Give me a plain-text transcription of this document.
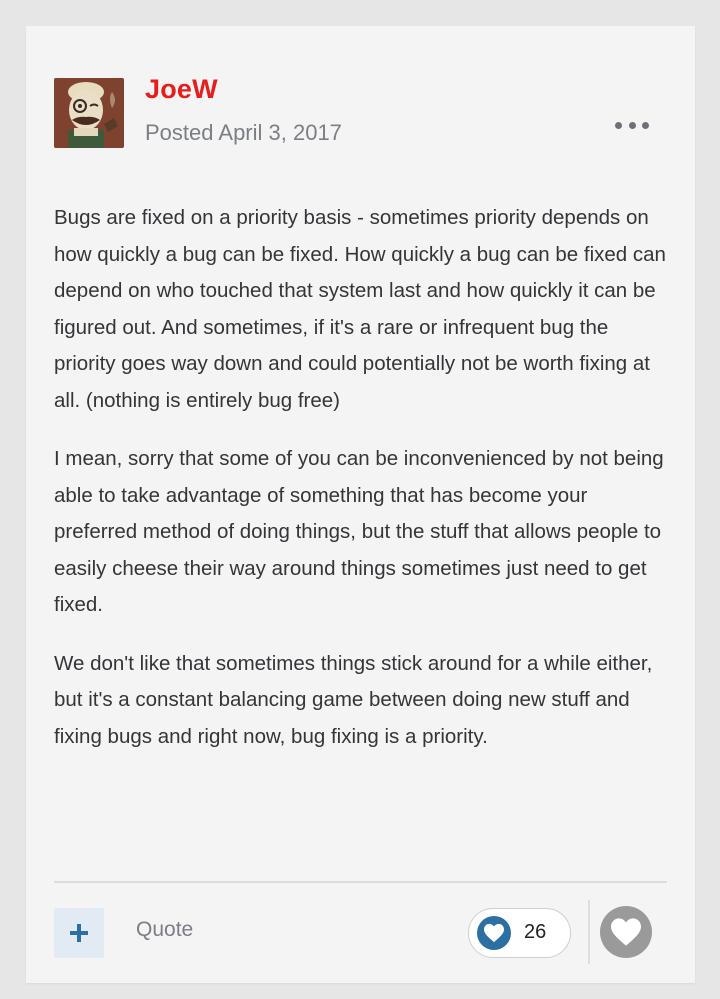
JoeW
Posted April 3, 2017

Bugs are fixed on a priority basis - sometimes priority depends on how quickly a bug can be fixed. How quickly a bug can be fixed can depend on who touched that system last and how quickly it can be figured out. And sometimes, if it's a rare or infrequent bug the priority goes way down and could potentially not be worth fixing at all. (nothing is entirely bug free)

I mean, sorry that some of you can be inconvenienced by not being able to take advantage of something that has become your preferred method of doing things, but the stuff that allows people to easily cheese their way around things sometimes just need to get fixed.

We don't like that sometimes things stick around for a while either, but it's a constant balancing game between doing new stuff and fixing bugs and right now, bug fixing is a priority.

Quote	26
